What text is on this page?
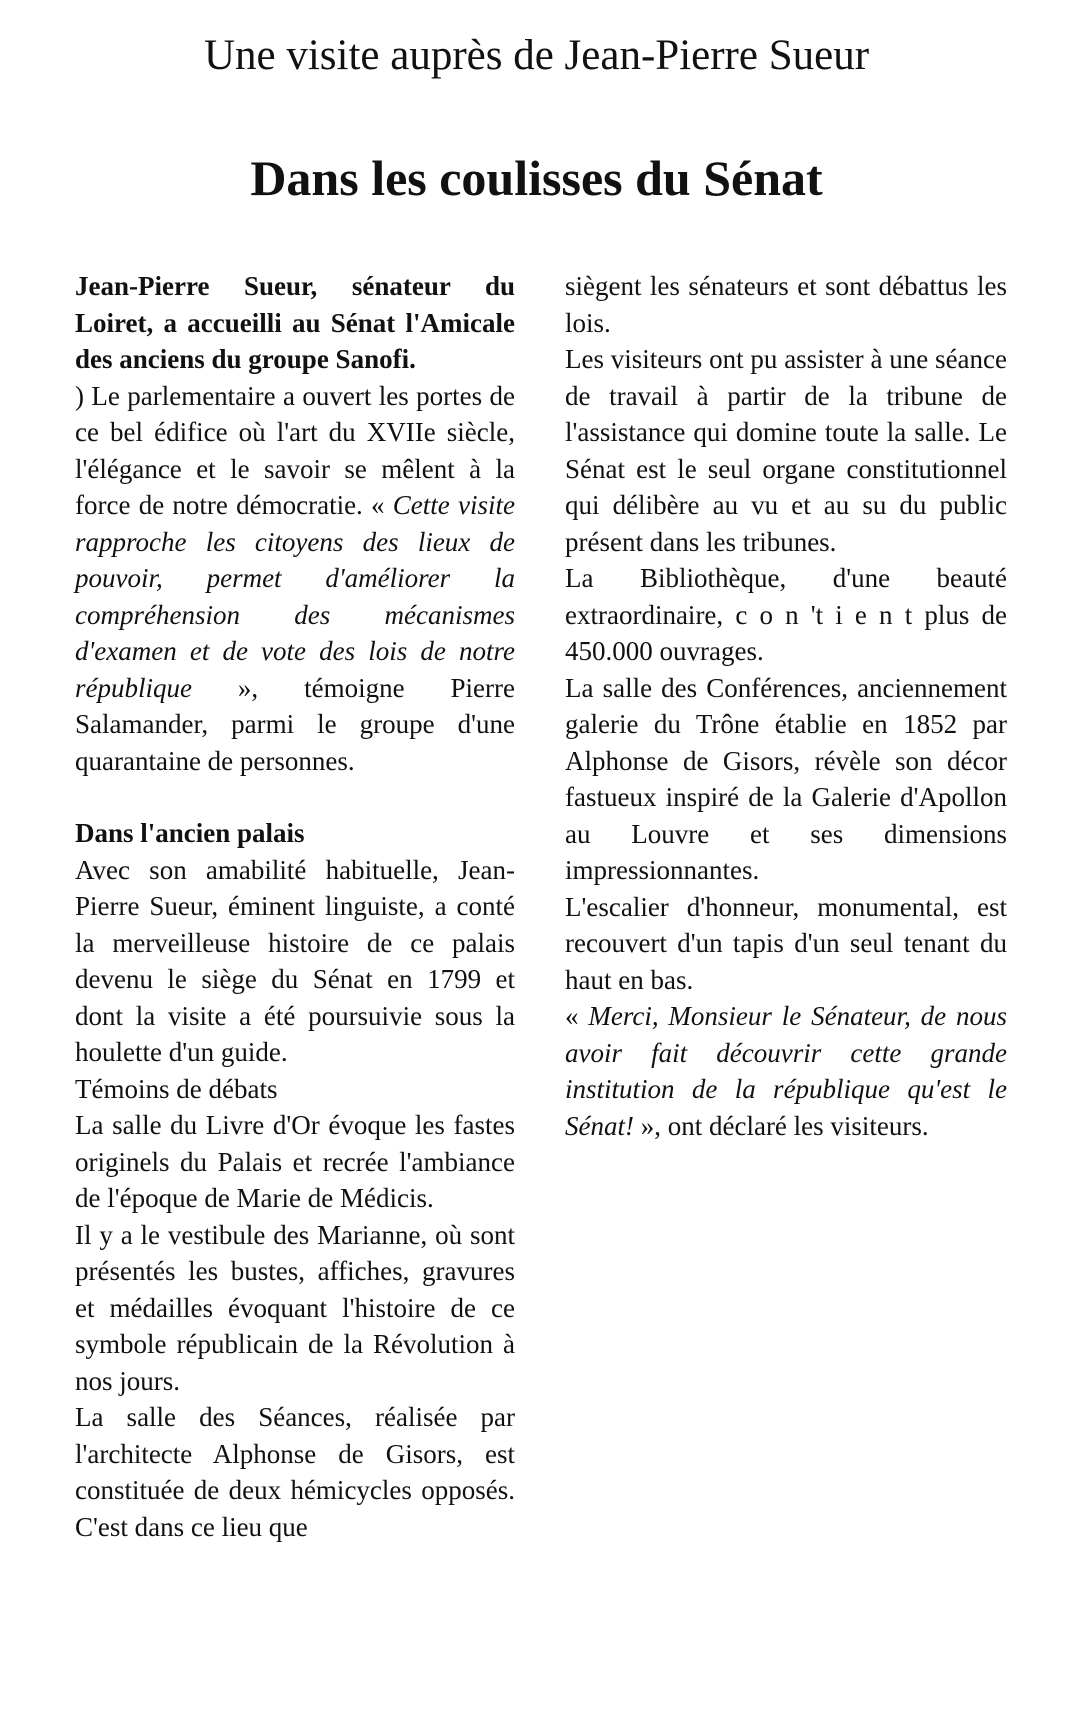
Une visite auprès de Jean-Pierre Sueur
Dans les coulisses du Sénat

Jean-Pierre Sueur, sénateur du Loiret, a accueilli au Sénat l'Amicale des anciens du groupe Sanofi.

) Le parlementaire a ouvert les portes de ce bel édifice où l'art du XVIIe siècle, l'élégance et le savoir se mêlent à la force de notre démocratie. « Cette visite rapproche les citoyens des lieux de pouvoir, permet d'améliorer la compréhension des mécanismes d'examen et de vote des lois de notre république », témoigne Pierre Salamander, parmi le groupe d'une quarantaine de personnes.

Dans l'ancien palais

Avec son amabilité habituelle, Jean-Pierre Sueur, éminent linguiste, a conté la merveilleuse histoire de ce palais devenu le siège du Sénat en 1799 et dont la visite a été poursuivie sous la houlette d'un guide.

Témoins de débats

La salle du Livre d'Or évoque les fastes originels du Palais et recrée l'ambiance de l'époque de Marie de Médicis.

Il y a le vestibule des Marianne, où sont présentés les bustes, affiches, gravures et médailles évoquant l'histoire de ce symbole républicain de la Révolution à nos jours.

La salle des Séances, réalisée par l'architecte Alphonse de Gisors, est constituée de deux hémicycles opposés. C'est dans ce lieu que

siègent les sénateurs et sont débattus les lois.

Les visiteurs ont pu assister à une séance de travail à partir de la tribune de l'assistance qui domine toute la salle. Le Sénat est le seul organe constitutionnel qui délibère au vu et au su du public présent dans les tribunes.

La Bibliothèque, d'une beauté extraordinaire, c o n 't i e n t plus de 450.000 ouvrages.

La salle des Conférences, anciennement galerie du Trône établie en 1852 par Alphonse de Gisors, révèle son décor fastueux inspiré de la Galerie d'Apollon au Louvre et ses dimensions impressionnantes.

L'escalier d'honneur, monumental, est recouvert d'un tapis d'un seul tenant du haut en bas.

« Merci, Monsieur le Sénateur, de nous avoir fait découvrir cette grande institution de la république qu'est le Sénat! », ont déclaré les visiteurs.
